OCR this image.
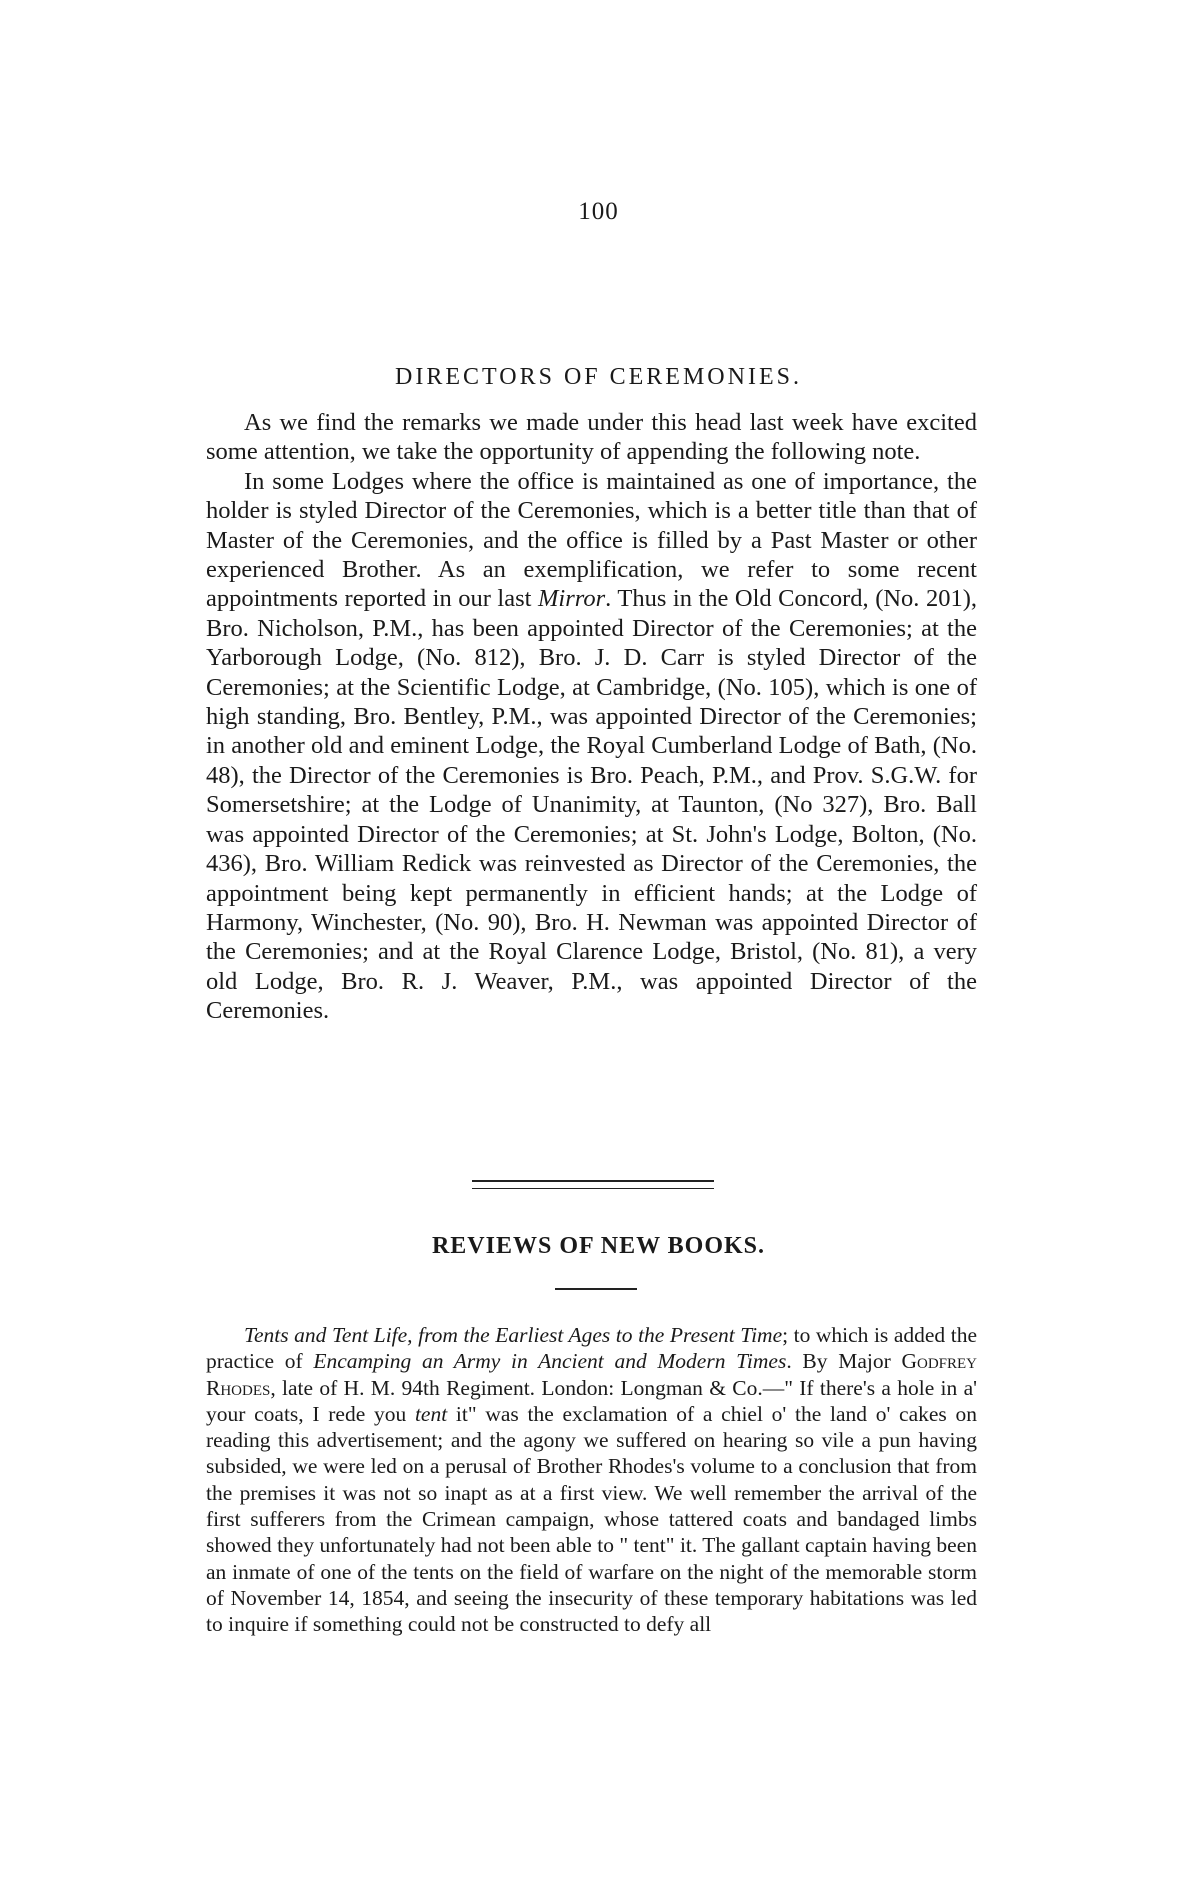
100
DIRECTORS OF CEREMONIES.

As we find the remarks we made under this head last week have excited some attention, we take the opportunity of appending the following note.

In some Lodges where the office is maintained as one of importance, the holder is styled Director of the Ceremonies, which is a better title than that of Master of the Ceremonies, and the office is filled by a Past Master or other experienced Brother. As an exemplification, we refer to some recent appointments reported in our last Mirror. Thus in the Old Concord, (No. 201), Bro. Nicholson, P.M., has been appointed Director of the Ceremonies; at the Yarborough Lodge, (No. 812), Bro. J. D. Carr is styled Director of the Ceremonies; at the Scientific Lodge, at Cambridge, (No. 105), which is one of high standing, Bro. Bentley, P.M., was appointed Director of the Ceremonies; in another old and eminent Lodge, the Royal Cumberland Lodge of Bath, (No. 48), the Director of the Ceremonies is Bro. Peach, P.M., and Prov. S.G.W. for Somersetshire; at the Lodge of Unanimity, at Taunton, (No 327), Bro. Ball was appointed Director of the Ceremonies; at St. John's Lodge, Bolton, (No. 436), Bro. William Redick was reinvested as Director of the Ceremonies, the appointment being kept permanently in efficient hands; at the Lodge of Harmony, Winchester, (No. 90), Bro. H. Newman was appointed Director of the Ceremonies; and at the Royal Clarence Lodge, Bristol, (No. 81), a very old Lodge, Bro. R. J. Weaver, P.M., was appointed Director of the Ceremonies.

REVIEWS OF NEW BOOKS.

Tents and Tent Life, from the Earliest Ages to the Present Time; to which is added the practice of Encamping an Army in Ancient and Modern Times. By Major Godfrey Rhodes, late of H. M. 94th Regiment. London: Longman & Co.—" If there's a hole in a' your coats, I rede you tent it" was the exclamation of a chiel o' the land o' cakes on reading this advertisement; and the agony we suffered on hearing so vile a pun having subsided, we were led on a perusal of Brother Rhodes's volume to a conclusion that from the premises it was not so inapt as at a first view. We well remember the arrival of the first sufferers from the Crimean campaign, whose tattered coats and bandaged limbs showed they unfortunately had not been able to " tent" it. The gallant captain having been an inmate of one of the tents on the field of warfare on the night of the memorable storm of November 14, 1854, and seeing the insecurity of these temporary habitations was led to inquire if something could not be constructed to defy all
